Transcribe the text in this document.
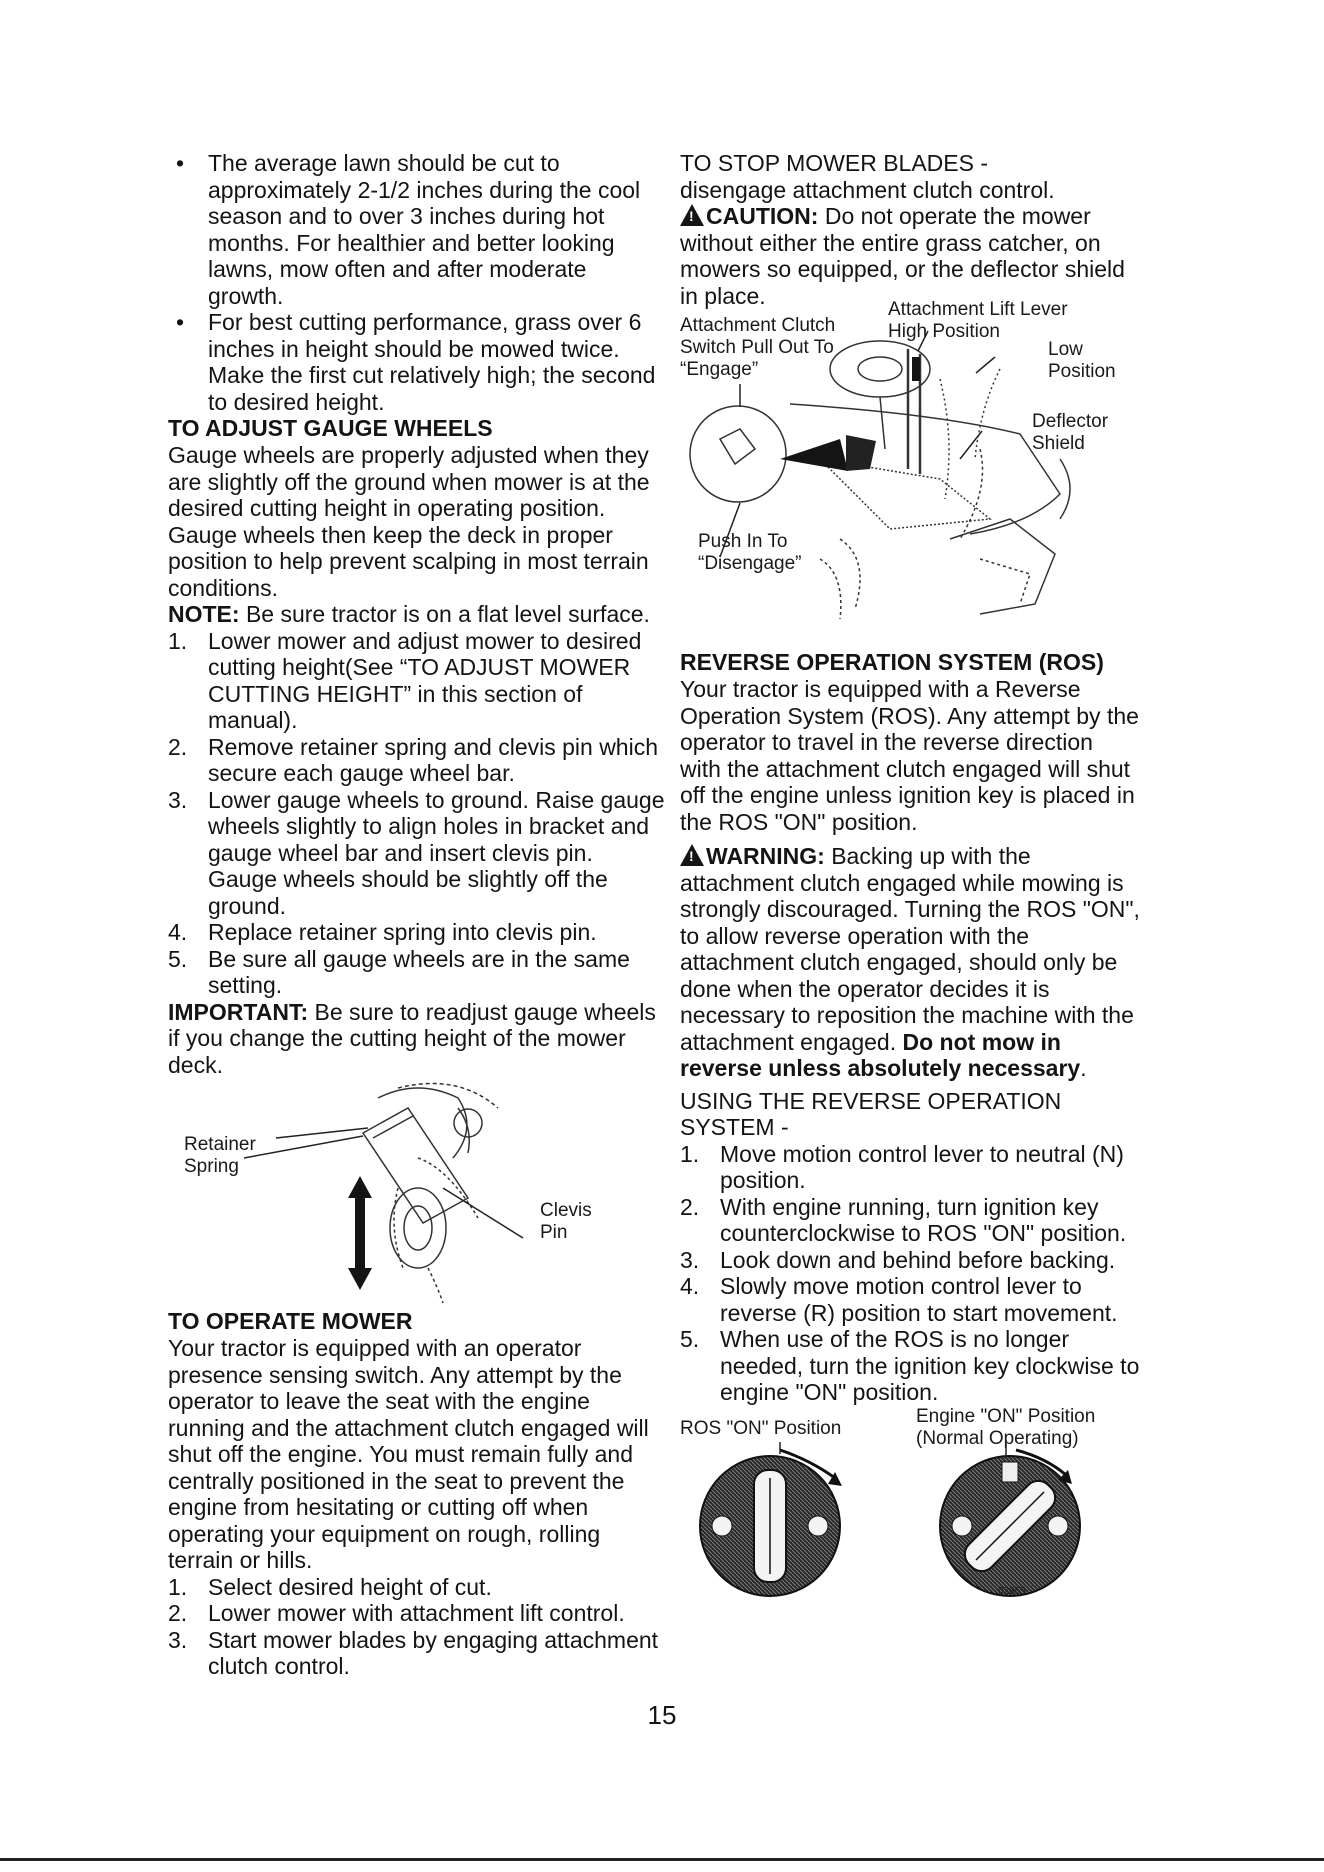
• The average lawn should be cut to approximately 2-1/2 inches during the cool season and to over 3 inches during hot months. For healthier and better looking lawns, mow often and after moderate growth.
• For best cutting performance, grass over 6 inches in height should be mowed twice. Make the first cut relatively high; the second to desired height.
TO ADJUST GAUGE WHEELS

Gauge wheels are properly adjusted when they are slightly off the ground when mower is at the desired cutting height in operating position. Gauge wheels then keep the deck in proper position to help prevent scalping in most terrain conditions.

NOTE: Be sure tractor is on a flat level surface.

1. Lower mower and adjust mower to desired cutting height(See “TO ADJUST MOWER CUTTING HEIGHT” in this section of manual).
2. Remove retainer spring and clevis pin which secure each gauge wheel bar.
3. Lower gauge wheels to ground. Raise gauge wheels slightly to align holes in bracket and gauge wheel bar and insert clevis pin. Gauge wheels should be slightly off the ground.
4. Replace retainer spring into clevis pin.
5. Be sure all gauge wheels are in the same setting.

IMPORTANT: Be sure to readjust gauge wheels if you change the cutting height of the mower deck.

Retainer
Spring
Clevis
Pin
TO OPERATE MOWER

Your tractor is equipped with an operator presence sensing switch. Any attempt by the operator to leave the seat with the engine running and the attachment clutch engaged will shut off the engine. You must remain fully and centrally positioned in the seat to prevent the engine from hesitating or cutting off when operating your equipment on rough, rolling terrain or hills.

1. Select desired height of cut.
2. Lower mower with attachment lift control.
3. Start mower blades by engaging attachment clutch control.

TO STOP MOWER BLADES -

disengage attachment clutch control.

!CAUTION: Do not operate the mower without either the entire grass catcher, on mowers so equipped, or the deflector shield in place.

Attachment Lift Lever
High Position
Attachment Clutch
Switch Pull Out To
“Engage”
Low
Position
Deflector
Shield
Push In To
“Disengage”
REVERSE OPERATION SYSTEM (ROS)

Your tractor is equipped with a Reverse Operation System (ROS). Any attempt by the operator to travel in the reverse direction with the attachment clutch engaged will shut off the engine unless ignition key is placed in the ROS "ON" position.

!WARNING: Backing up with the attachment clutch engaged while mowing is strongly discouraged. Turning the ROS "ON", to allow reverse operation with the attachment clutch engaged, should only be done when the operator decides it is necessary to reposition the machine with the attachment engaged. Do not mow in reverse unless absolutely necessary.

USING THE REVERSE OPERATION SYSTEM -

1. Move motion control lever to neutral (N) position.
2. With engine running, turn ignition key counterclockwise to ROS "ON" position.
3. Look down and behind before backing.
4. Slowly move motion control lever to reverse (R) position to start movement.
5. When use of the ROS is no longer needed, turn the ignition key clockwise to engine "ON" position.
ROS "ON" Position
Engine "ON" Position
(Normal Operating)
02855
15
